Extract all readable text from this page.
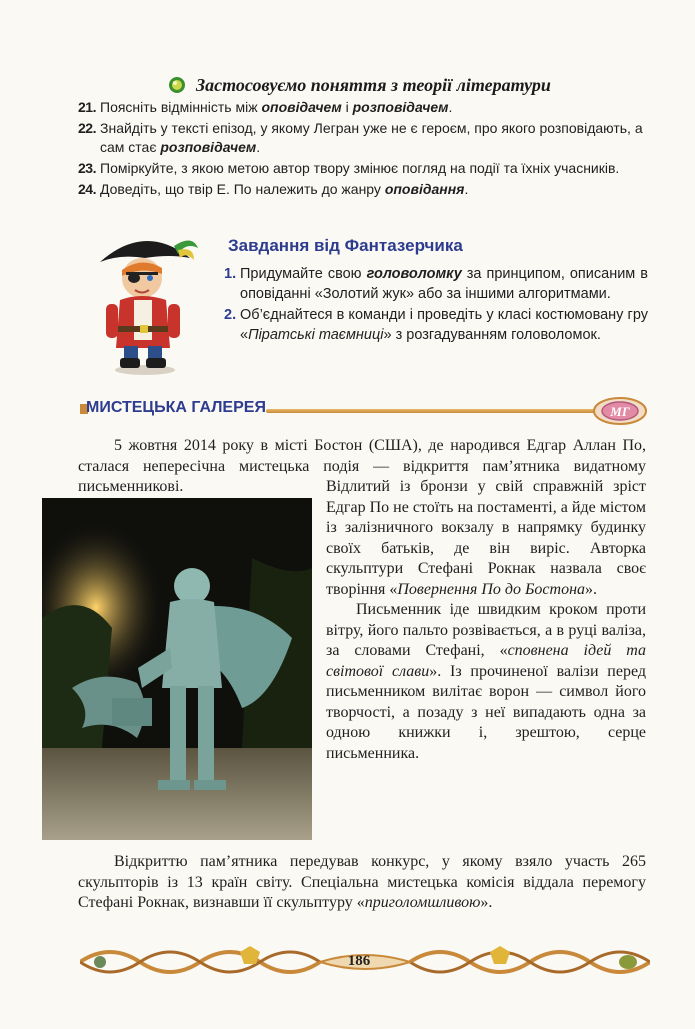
Застосовуємо поняття з теорії літератури
21. Поясніть відмінність між оповідачем і розповідачем.
22. Знайдіть у тексті епізод, у якому Легран уже не є героєм, про якого розповідають, а сам стає розповідачем.
23. Поміркуйте, з якою метою автор твору змінює погляд на події та їхніх учасників.
24. Доведіть, що твір Е. По належить до жанру оповідання.
Завдання від Фантазерчика
1. Придумайте свою головоломку за принципом, описаним в оповіданні «Золотий жук» або за іншими алгоритмами.
2. Об’єднайтеся в команди і проведіть у класі костюмовану гру «Піратські таємниці» з розгадуванням головоломок.
МИСТЕЦЬКА ГАЛЕРЕЯ	МГ

5 жовтня 2014 року в місті Бостон (США), де народився Едгар Аллан По, сталася непересічна мистецька подія — відкриття пам’ятника видатному письменникові.	Відлитий із бронзи у свій справжній зріст Едгар По не стоїть на постаменті, а йде містом із залізничного вокзалу в напрямку будинку своїх батьків, де він виріс. Авторка скульптури Стефані Рокнак назвала своє творіння «Повернення По до Бостона».

Письменник іде швидким кроком проти вітру, його пальто розвівається, а в руці валіза, за словами Стефані, «сповнена ідей та світової слави». Із прочиненої валізи перед письменником вилітає ворон — символ його творчості, а позаду з неї випадають одна за одною книжки і, зрештою, серце письменника.

Відкриттю пам’ятника передував конкурс, у якому взяло участь 265 скульпторів із 13 країн світу. Спеціальна мистецька комісія віддала перемогу Стефані Рокнак, визнавши її скульптуру «приголомшливою».

186
